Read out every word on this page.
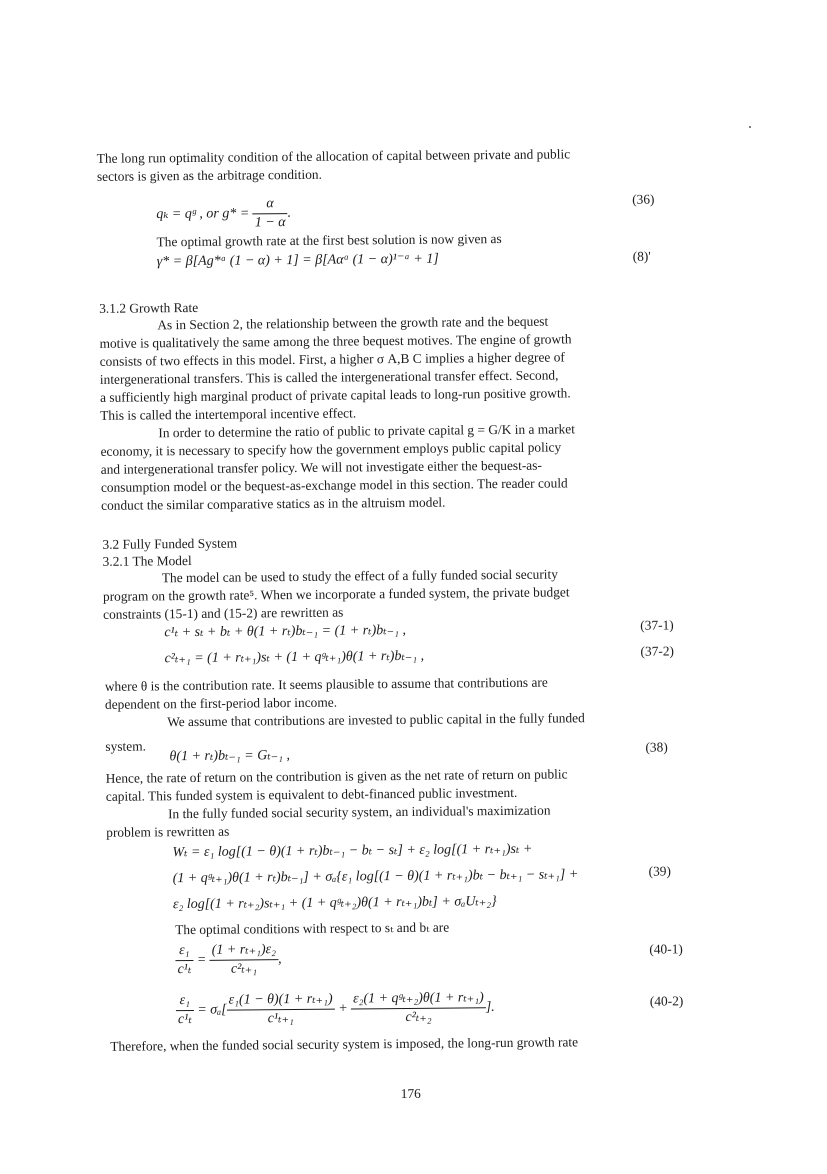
The long run optimality condition of the allocation of capital between private and public
sectors is given as the arbitrage condition.
qₖ = qᵍ , or $g* = \frac{\alpha}{1 - \alpha}$ .
(36)
The optimal growth rate at the first best solution is now given as
γ* = β[Ag*ᵃ (1 − α) + 1] = β[Aαᵃ (1 − α)¹⁻ᵃ + 1]	(8)'
3.1.2 Growth Rate
As in Section 2, the relationship between the growth rate and the bequest
motive is qualitatively the same among the three bequest motives. The engine of growth
consists of two effects in this model. First, a higher σ A,B C implies a higher degree of
intergenerational transfers. This is called the intergenerational transfer effect. Second,
a sufficiently high marginal product of private capital leads to long-run positive growth.
This is called the intertemporal incentive effect.
In order to determine the ratio of public to private capital g = G/K in a market
economy, it is necessary to specify how the government employs public capital policy
and intergenerational transfer policy. We will not investigate either the bequest-as-
consumption model or the bequest-as-exchange model in this section. The reader could
conduct the similar comparative statics as in the altruism model.
3.2 Fully Funded System
3.2.1 The Model
The model can be used to study the effect of a fully funded social security
program on the growth rate⁵. When we incorporate a funded system, the private budget
constraints (15-1) and (15-2) are rewritten as
c¹ₜ + sₜ + bₜ + θ(1 + rₜ)bₜ₋₁ = (1 + rₜ)bₜ₋₁ ,	(37-1)
c²ₜ₊₁ = (1 + rₜ₊₁)sₜ + (1 + qᵍₜ₊₁)θ(1 + rₜ)bₜ₋₁ ,	(37-2)
where θ is the contribution rate. It seems plausible to assume that contributions are
dependent on the first-period labor income.
We assume that contributions are invested to public capital in the fully funded
system.
θ(1 + rₜ)bₜ₋₁ = Gₜ₋₁ ,
(38)
Hence, the rate of return on the contribution is given as the net rate of return on public
capital. This funded system is equivalent to debt-financed public investment.
In the fully funded social security system, an individual's maximization
problem is rewritten as
Wₜ = ε₁ log[(1 − θ)(1 + rₜ)bₜ₋₁ − bₜ − sₜ] + ε₂ log[(1 + rₜ₊₁)sₜ +
(1 + qᵍₜ₊₁)θ(1 + rₜ)bₜ₋₁] + σₐ{ε₁ log[(1 − θ)(1 + rₜ₊₁)bₜ − bₜ₊₁ − sₜ₊₁] +	(39)
ε₂ log[(1 + rₜ₊₂)sₜ₊₁ + (1 + qᵍₜ₊₂)θ(1 + rₜ₊₁)bₜ] + σₐUₜ₊₂}
The optimal conditions with respect to sₜ and bₜ are
$\frac{\text{ε₁}}{\text{c¹ₜ}} = \frac{\text{(1 + rₜ₊₁)ε₂}}{\text{c²ₜ₊₁}}$ ,
(40-1)
$\frac{\text{ε₁}}{\text{c¹ₜ}} = \sigma_a[ \frac{\text{ε₁(1 − θ)(1 + rₜ₊₁)}}{\text{c¹ₜ₊₁}} + \frac{\text{ε₂(1 + qᵍₜ₊₂)θ(1 + rₜ₊₁)}}{\text{c²ₜ₊₂}}$ ].	(40-2)
Therefore, when the funded social security system is imposed, the long-run growth rate
176
